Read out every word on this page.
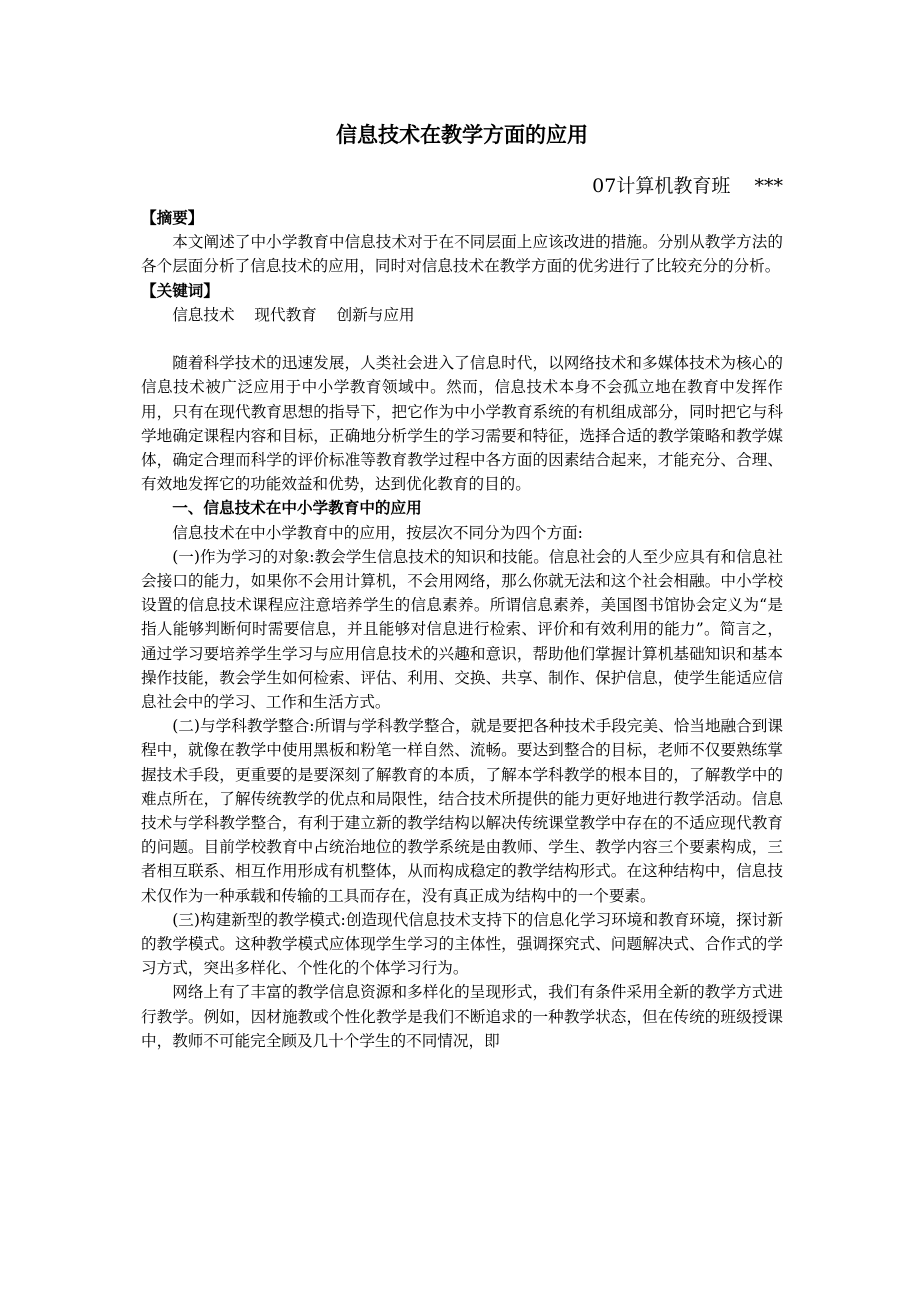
信息技术在教学方面的应用
07计算机教育班    ***

【摘要】

本文阐述了中小学教育中信息技术对于在不同层面上应该改进的措施。分别从教学方法的各个层面分析了信息技术的应用，同时对信息技术在教学方面的优劣进行了比较充分的分析。

【关键词】

信息技术    现代教育    创新与应用

随着科学技术的迅速发展，人类社会进入了信息时代，以网络技术和多媒体技术为核心的信息技术被广泛应用于中小学教育领域中。然而，信息技术本身不会孤立地在教育中发挥作用，只有在现代教育思想的指导下，把它作为中小学教育系统的有机组成部分，同时把它与科学地确定课程内容和目标，正确地分析学生的学习需要和特征，选择合适的教学策略和教学媒体，确定合理而科学的评价标准等教育教学过程中各方面的因素结合起来，才能充分、合理、有效地发挥它的功能效益和优势，达到优化教育的目的。

一、信息技术在中小学教育中的应用

信息技术在中小学教育中的应用，按层次不同分为四个方面:

(一)作为学习的对象:教会学生信息技术的知识和技能。信息社会的人至少应具有和信息社会接口的能力，如果你不会用计算机，不会用网络，那么你就无法和这个社会相融。中小学校设置的信息技术课程应注意培养学生的信息素养。所谓信息素养，美国图书馆协会定义为“是指人能够判断何时需要信息，并且能够对信息进行检索、评价和有效利用的能力”。简言之，通过学习要培养学生学习与应用信息技术的兴趣和意识，帮助他们掌握计算机基础知识和基本操作技能，教会学生如何检索、评估、利用、交换、共享、制作、保护信息，使学生能适应信息社会中的学习、工作和生活方式。

(二)与学科教学整合:所谓与学科教学整合，就是要把各种技术手段完美、恰当地融合到课程中，就像在教学中使用黑板和粉笔一样自然、流畅。要达到整合的目标，老师不仅要熟练掌握技术手段，更重要的是要深刻了解教育的本质，了解本学科教学的根本目的，了解教学中的难点所在，了解传统教学的优点和局限性，结合技术所提供的能力更好地进行教学活动。信息技术与学科教学整合，有利于建立新的教学结构以解决传统课堂教学中存在的不适应现代教育的问题。目前学校教育中占统治地位的教学系统是由教师、学生、教学内容三个要素构成，三者相互联系、相互作用形成有机整体，从而构成稳定的教学结构形式。在这种结构中，信息技术仅作为一种承载和传输的工具而存在，没有真正成为结构中的一个要素。

(三)构建新型的教学模式:创造现代信息技术支持下的信息化学习环境和教育环境，探讨新的教学模式。这种教学模式应体现学生学习的主体性，强调探究式、问题解决式、合作式的学习方式，突出多样化、个性化的个体学习行为。

网络上有了丰富的教学信息资源和多样化的呈现形式，我们有条件采用全新的教学方式进行教学。例如，因材施教或个性化教学是我们不断追求的一种教学状态，但在传统的班级授课中，教师不可能完全顾及几十个学生的不同情况，即
